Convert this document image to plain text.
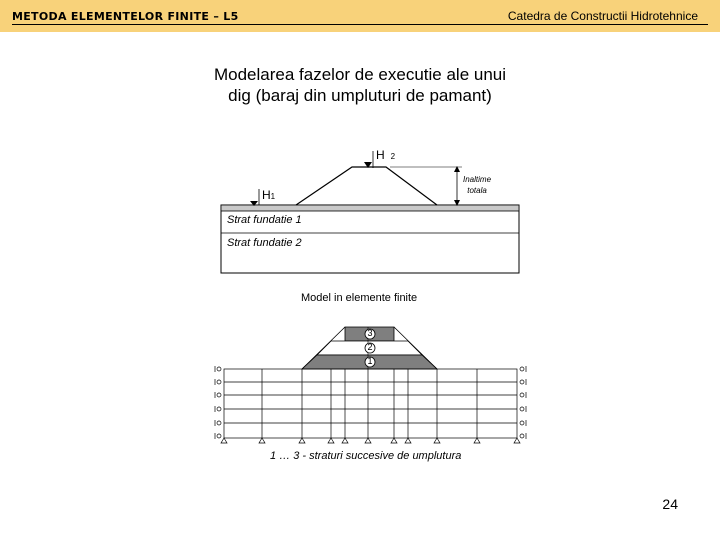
METODA ELEMENTELOR FINITE – L5	Catedra de Constructii Hidrotehnice
Modelarea fazelor de executie ale unui
dig (baraj din umpluturi de pamant)
H 2
H1
Inaltime
totala
Strat fundatie 1
Strat fundatie 2
Model in elemente finite
3
2
1
1 … 3 - straturi succesive de umplutura
24
